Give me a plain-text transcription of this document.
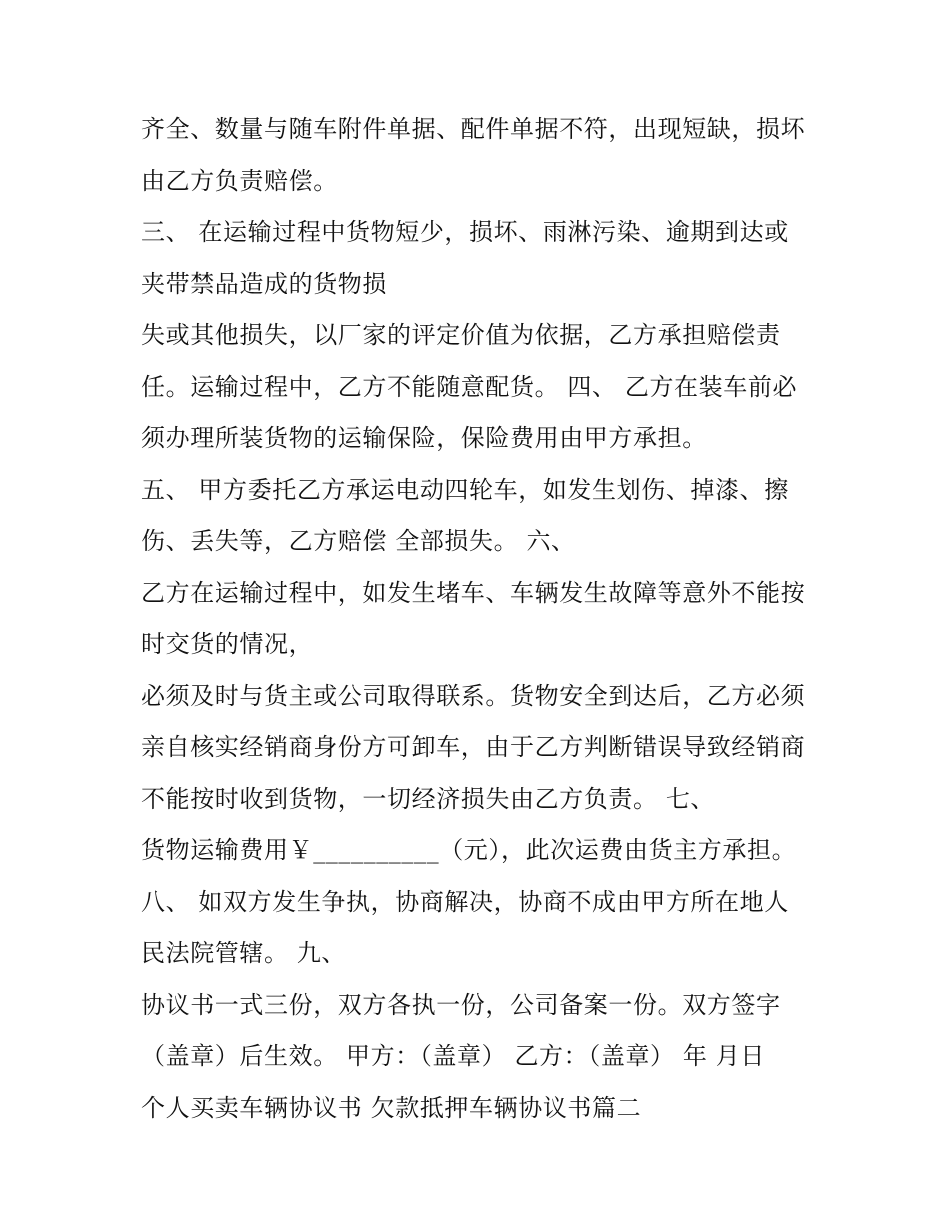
齐全、数量与随车附件单据、配件单据不符，出现短缺，损坏
由乙方负责赔偿。
三、 在运输过程中货物短少，损坏、雨淋污染、逾期到达或
夹带禁品造成的货物损
失或其他损失，以厂家的评定价值为依据，乙方承担赔偿责
任。运输过程中，乙方不能随意配货。 四、 乙方在装车前必
须办理所装货物的运输保险，保险费用由甲方承担。
五、 甲方委托乙方承运电动四轮车，如发生划伤、掉漆、擦
伤、丢失等，乙方赔偿 全部损失。 六、
乙方在运输过程中，如发生堵车、车辆发生故障等意外不能按
时交货的情况，
必须及时与货主或公司取得联系。货物安全到达后，乙方必须
亲自核实经销商身份方可卸车，由于乙方判断错误导致经销商
不能按时收到货物，一切经济损失由乙方负责。 七、
货物运输费用￥__________（元），此次运费由货主方承担。
八、 如双方发生争执，协商解决，协商不成由甲方所在地人
民法院管辖。 九、
协议书一式三份，双方各执一份，公司备案一份。双方签字
（盖章）后生效。 甲方：（盖章） 乙方：（盖章） 年 月日
个人买卖车辆协议书 欠款抵押车辆协议书篇二
